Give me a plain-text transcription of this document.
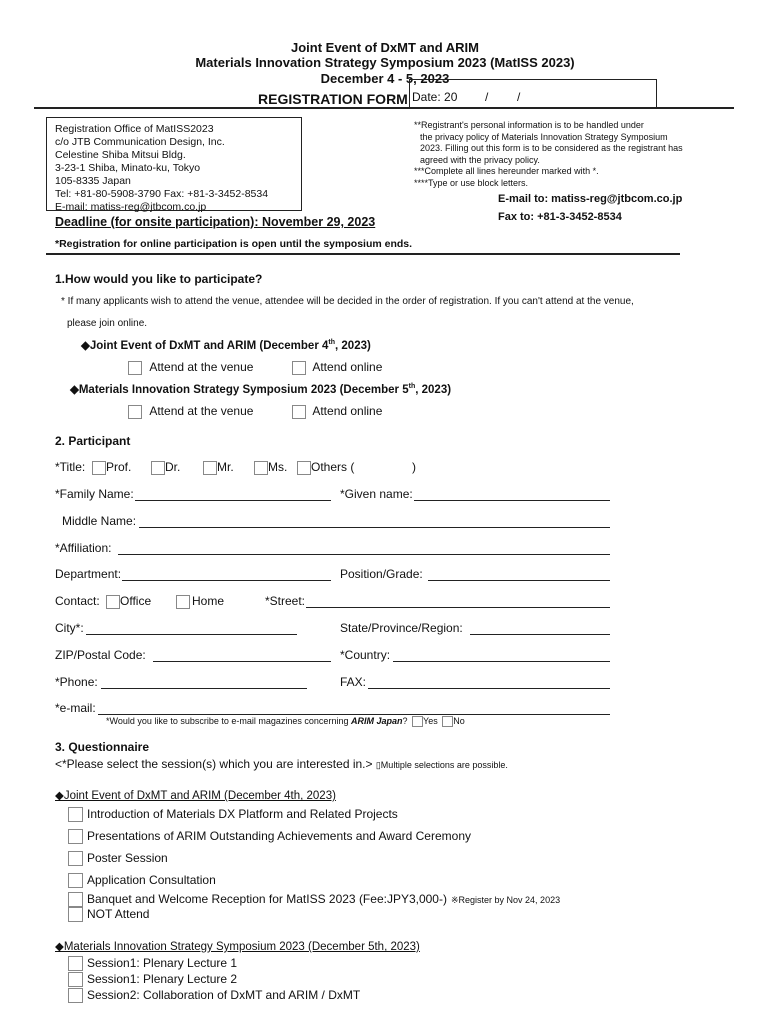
Joint Event of DxMT and ARIM
Materials Innovation Strategy Symposium 2023 (MatISS 2023)
December 4 - 5, 2023
REGISTRATION FORM Date: 20 / /
Registration Office of MatISS2023
c/o JTB Communication Design, Inc.
Celestine Shiba Mitsui Bldg.
3-23-1 Shiba, Minato-ku, Tokyo
105-8335 Japan
Tel: +81-80-5908-3790 Fax: +81-3-3452-8534
E-mail: matiss-reg@jtbcom.co.jp
**Registrant's personal information is to be handled under
the privacy policy of Materials Innovation Strategy Symposium
2023. Filling out this form is to be considered as the registrant has
agreed with the privacy policy.
***Complete all lines hereunder marked with *.
****Type or use block letters.
E-mail to: matiss-reg@jtbcom.co.jp
Fax to: +81-3-3452-8534
Deadline (for onsite participation): November 29, 2023
*Registration for online participation is open until the symposium ends.
1.How would you like to participate?
* If many applicants wish to attend the venue, attendee will be decided in the order of registration. If you can't attend at the venue,
please join online.
◆Joint Event of DxMT and ARIM (December 4th, 2023)
Attend at the venue	Attend online
◆Materials Innovation Strategy Symposium 2023 (December 5th, 2023)
Attend at the venue	Attend online
2. Participant
*Title:	Prof.	Dr.	Mr.	Ms.	Others (	)
*Family Name:	*Given name:
Middle Name:
*Affiliation:
Department:	Position/Grade:
Contact:	Office	Home	*Street:
City*:	State/Province/Region:
ZIP/Postal Code:	*Country:
*Phone:	FAX:
*e-mail:
*Would you like to subscribe to e-mail magazines concerning ARIM Japan? Yes No
3. Questionnaire
<*Please select the session(s) which you are interested in.> ▯Multiple selections are possible.
◆Joint Event of DxMT and ARIM (December 4th, 2023)
Introduction of Materials DX Platform and Related Projects
Presentations of ARIM Outstanding Achievements and Award Ceremony
Poster Session
Application Consultation
Banquet and Welcome Reception for MatISS 2023 (Fee:JPY3,000-) ※Register by Nov 24, 2023
NOT Attend
◆Materials Innovation Strategy Symposium 2023 (December 5th, 2023)
Session1: Plenary Lecture 1
Session1: Plenary Lecture 2
Session2: Collaboration of DxMT and ARIM / DxMT
